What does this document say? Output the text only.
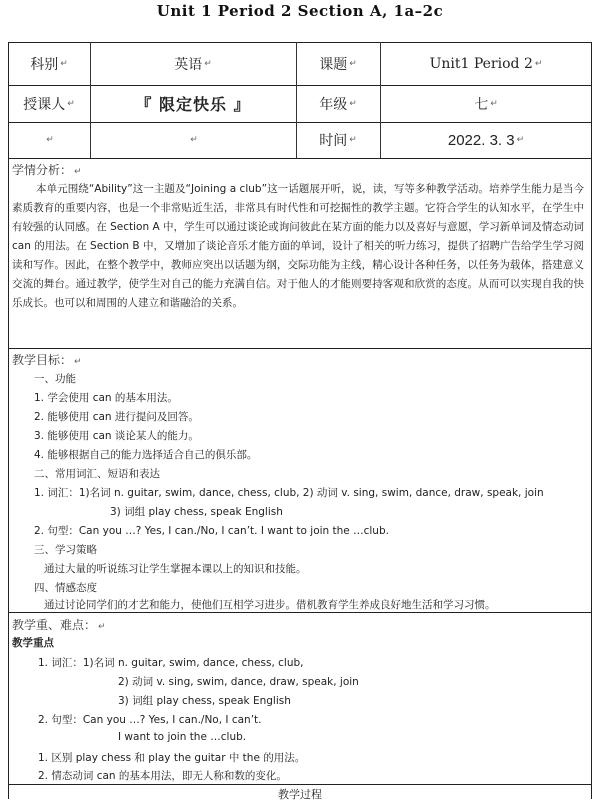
Unit 1 Period 2 Section A, 1a–2c
科别 ↵	英语 ↵	课题 ↵	Unit1 Period 2 ↵
授课人 ↵	『 限定快乐 』	年级 ↵	七 ↵
↵	↵	时间 ↵	2022. 3. 3 ↵
学情分析： ↵
本单元围绕“Ability”这一主题及“Joining a club”这一话题展开听，说，读，写等多种教学活动。培养学生能力是当今素质教育的重要内容，也是一个非常贴近生活，非常具有时代性和可挖掘性的教学主题。它符合学生的认知水平，在学生中有较强的认同感。在 Section A 中，学生可以通过谈论或询问彼此在某方面的能力以及喜好与意愿，学习新单词及情态动词 can 的用法。在 Section B 中，又增加了谈论音乐才能方面的单词，设计了相关的听力练习，提供了招聘广告给学生学习阅读和写作。因此，在整个教学中，教师应突出以话题为纲，交际功能为主线，精心设计各种任务，以任务为载体，搭建意义交流的舞台。通过教学，使学生对自己的能力充满自信。对于他人的才能则要持客观和欣赏的态度。从而可以实现自我的快乐成长。也可以和周围的人建立和谐融洽的关系。
教学目标： ↵
一、功能
1. 学会使用 can 的基本用法。
2. 能够使用 can 进行提问及回答。
3. 能够使用 can 谈论某人的能力。
4. 能够根据自己的能力选择适合自己的俱乐部。
二、常用词汇、短语和表达
1. 词汇：1)名词 n. guitar, swim, dance, chess, club, 2) 动词 v. sing, swim, dance, draw, speak, join
3) 词组 play chess, speak English
2. 句型：Can you …? Yes, I can./No, I can’t. I want to join the …club.
三、学习策略
通过大量的听说练习让学生掌握本课以上的知识和技能。
四、情感态度
通过讨论同学们的才艺和能力，使他们互相学习进步。借机教育学生养成良好地生活和学习习惯。
教学重、难点： ↵
教学重点
1. 词汇：1)名词 n. guitar, swim, dance, chess, club,
2) 动词 v. sing, swim, dance, draw, speak, join
3) 词组 play chess, speak English
2. 句型：Can you …? Yes, I can./No, I can’t.
I want to join the …club.
1. 区别 play chess 和 play the guitar 中 the 的用法。
2. 情态动词 can 的基本用法，即无人称和数的变化。
教学过程
